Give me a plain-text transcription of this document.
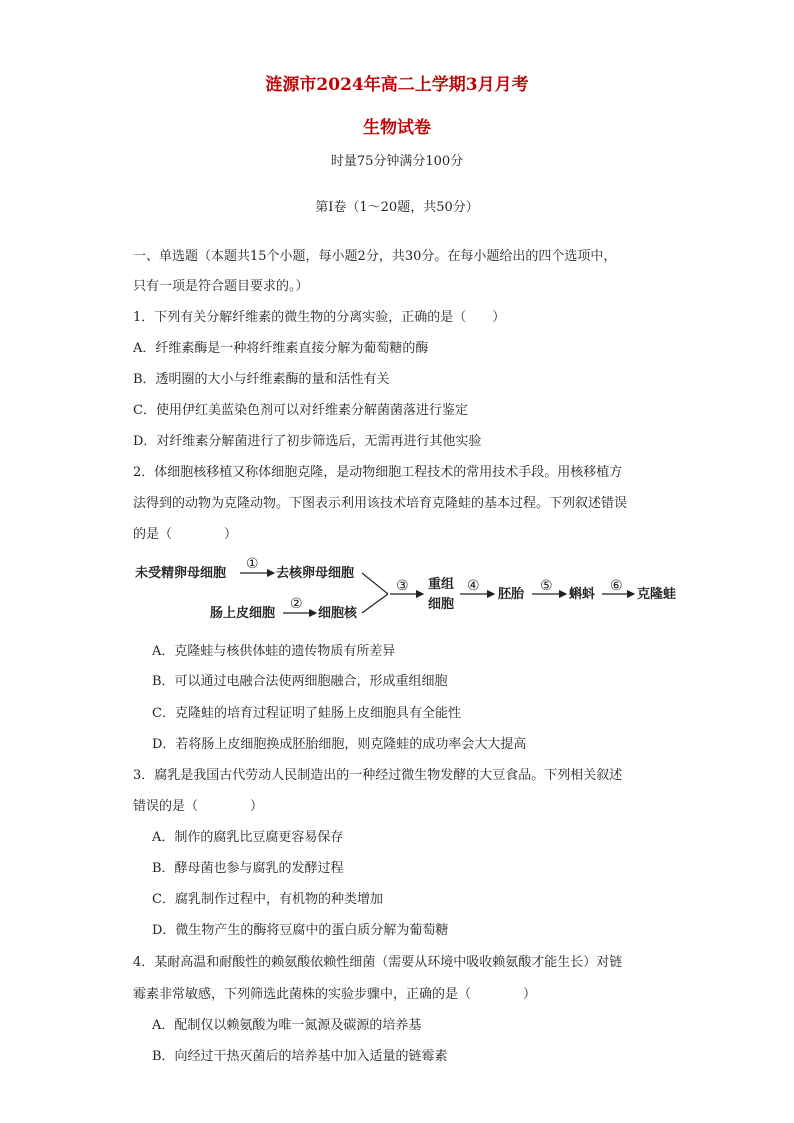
涟源市2024年高二上学期3月月考
生物试卷
时量75分钟满分100分
第Ⅰ卷（1～20题，共50分）
一、单选题（本题共15个小题，每小题2分，共30分。在每小题给出的四个选项中，
只有一项是符合题目要求的。）
1．下列有关分解纤维素的微生物的分离实验，正确的是（　　）
A．纤维素酶是一种将纤维素直接分解为葡萄糖的酶
B．透明圈的大小与纤维素酶的量和活性有关
C．使用伊红美蓝染色剂可以对纤维素分解菌菌落进行鉴定
D．对纤维素分解菌进行了初步筛选后，无需再进行其他实验
2．体细胞核移植又称体细胞克隆，是动物细胞工程技术的常用技术手段。用核移植方
法得到的动物为克隆动物。下图表示利用该技术培育克隆蛙的基本过程。下列叙述错误
的是（　　　　）
未受精卵母细胞
①
去核卵母细胞
肠上皮细胞
②
细胞核
③ 重组
细胞
④
胚胎
⑤
蝌蚪
⑥
克隆蛙
A．克隆蛙与核供体蛙的遗传物质有所差异
B．可以通过电融合法使两细胞融合，形成重组细胞
C．克隆蛙的培育过程证明了蛙肠上皮细胞具有全能性
D．若将肠上皮细胞换成胚胎细胞，则克隆蛙的成功率会大大提高
3．腐乳是我国古代劳动人民制造出的一种经过微生物发酵的大豆食品。下列相关叙述
错误的是（　　　　）
A．制作的腐乳比豆腐更容易保存
B．酵母菌也参与腐乳的发酵过程
C．腐乳制作过程中，有机物的种类增加
D．微生物产生的酶将豆腐中的蛋白质分解为葡萄糖
4．某耐高温和耐酸性的赖氨酸依赖性细菌（需要从环境中吸收赖氨酸才能生长）对链
霉素非常敏感，下列筛选此菌株的实验步骤中，正确的是（　　　　）
A．配制仅以赖氨酸为唯一氮源及碳源的培养基
B．向经过干热灭菌后的培养基中加入适量的链霉素
